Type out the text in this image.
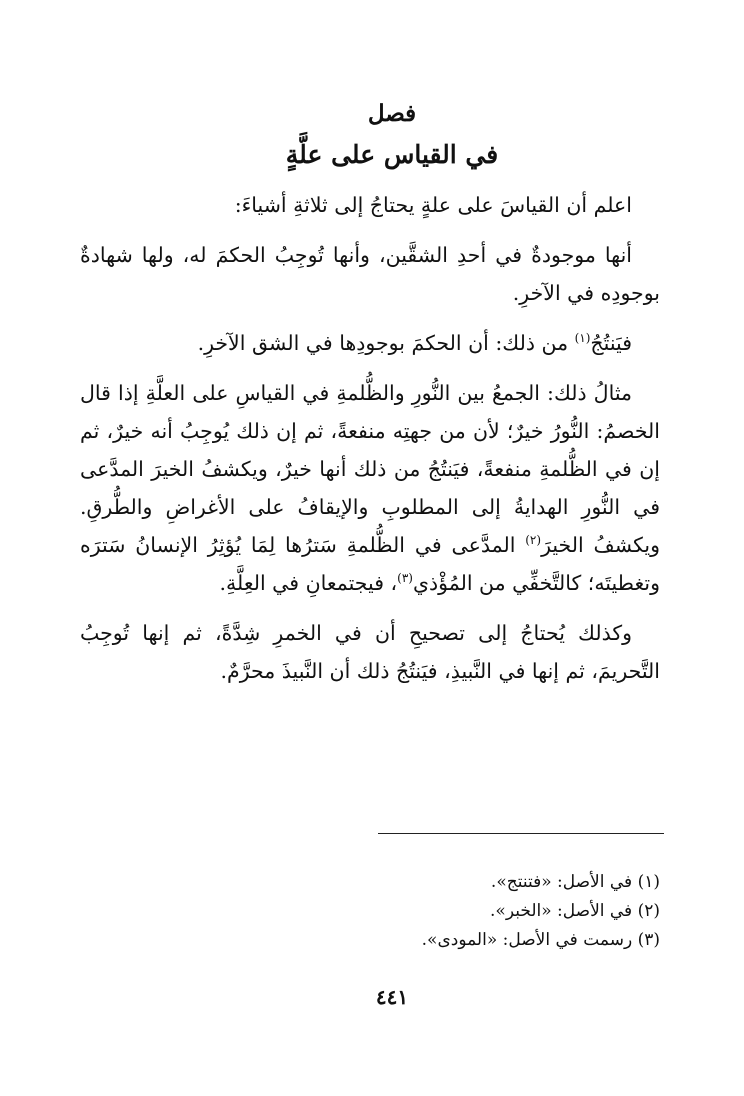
فصل
في القياس على علَّةٍ

اعلم أن القياسَ على علةٍ يحتاجُ إلى ثلاثةِ أشياءَ:

أنها موجودةٌ في أحدِ الشقَّين، وأنها تُوجِبُ الحكمَ له، ولها شهادةٌ بوجودِه في الآخرِ.

فيَنتُجُ$^{(١)}$ من ذلك: أن الحكمَ بوجودِها في الشق الآخرِ.

مثالُ ذلك: الجمعُ بين النُّورِ والظُّلمةِ في القياسِ على العلَّةِ إذا قال الخصمُ: النُّورُ خيرٌ؛ لأن من جهتِه منفعةً، ثم إن ذلك يُوجِبُ أنه خيرٌ، ثم إن في الظُّلمةِ منفعةً، فيَنتُجُ من ذلك أنها خيرٌ، ويكشفُ الخيرَ المدَّعى في النُّورِ الهدايةُ إلى المطلوبِ والإيقافُ على الأغراضِ والطُّرقِ. ويكشفُ الخيرَ$^{(٢)}$ المدَّعى في الظُّلمةِ سَترُها لِمَا يُؤثِرُ الإنسانُ سَترَه وتغطيتَه؛ كالتَّخفِّي من المُؤْذي$^{(٣)}$، فيجتمعانِ في العِلَّةِ.

وكذلك يُحتاجُ إلى تصحيحِ أن في الخمرِ شِدَّةً، ثم إنها تُوجِبُ التَّحريمَ، ثم إنها في النَّبيذِ، فيَنتُجُ ذلك أن النَّبيذَ محرَّمٌ.

(١) في الأصل: «فتنتج».
(٢) في الأصل: «الخبر».
(٣) رسمت في الأصل: «المودى».
٤٤١
